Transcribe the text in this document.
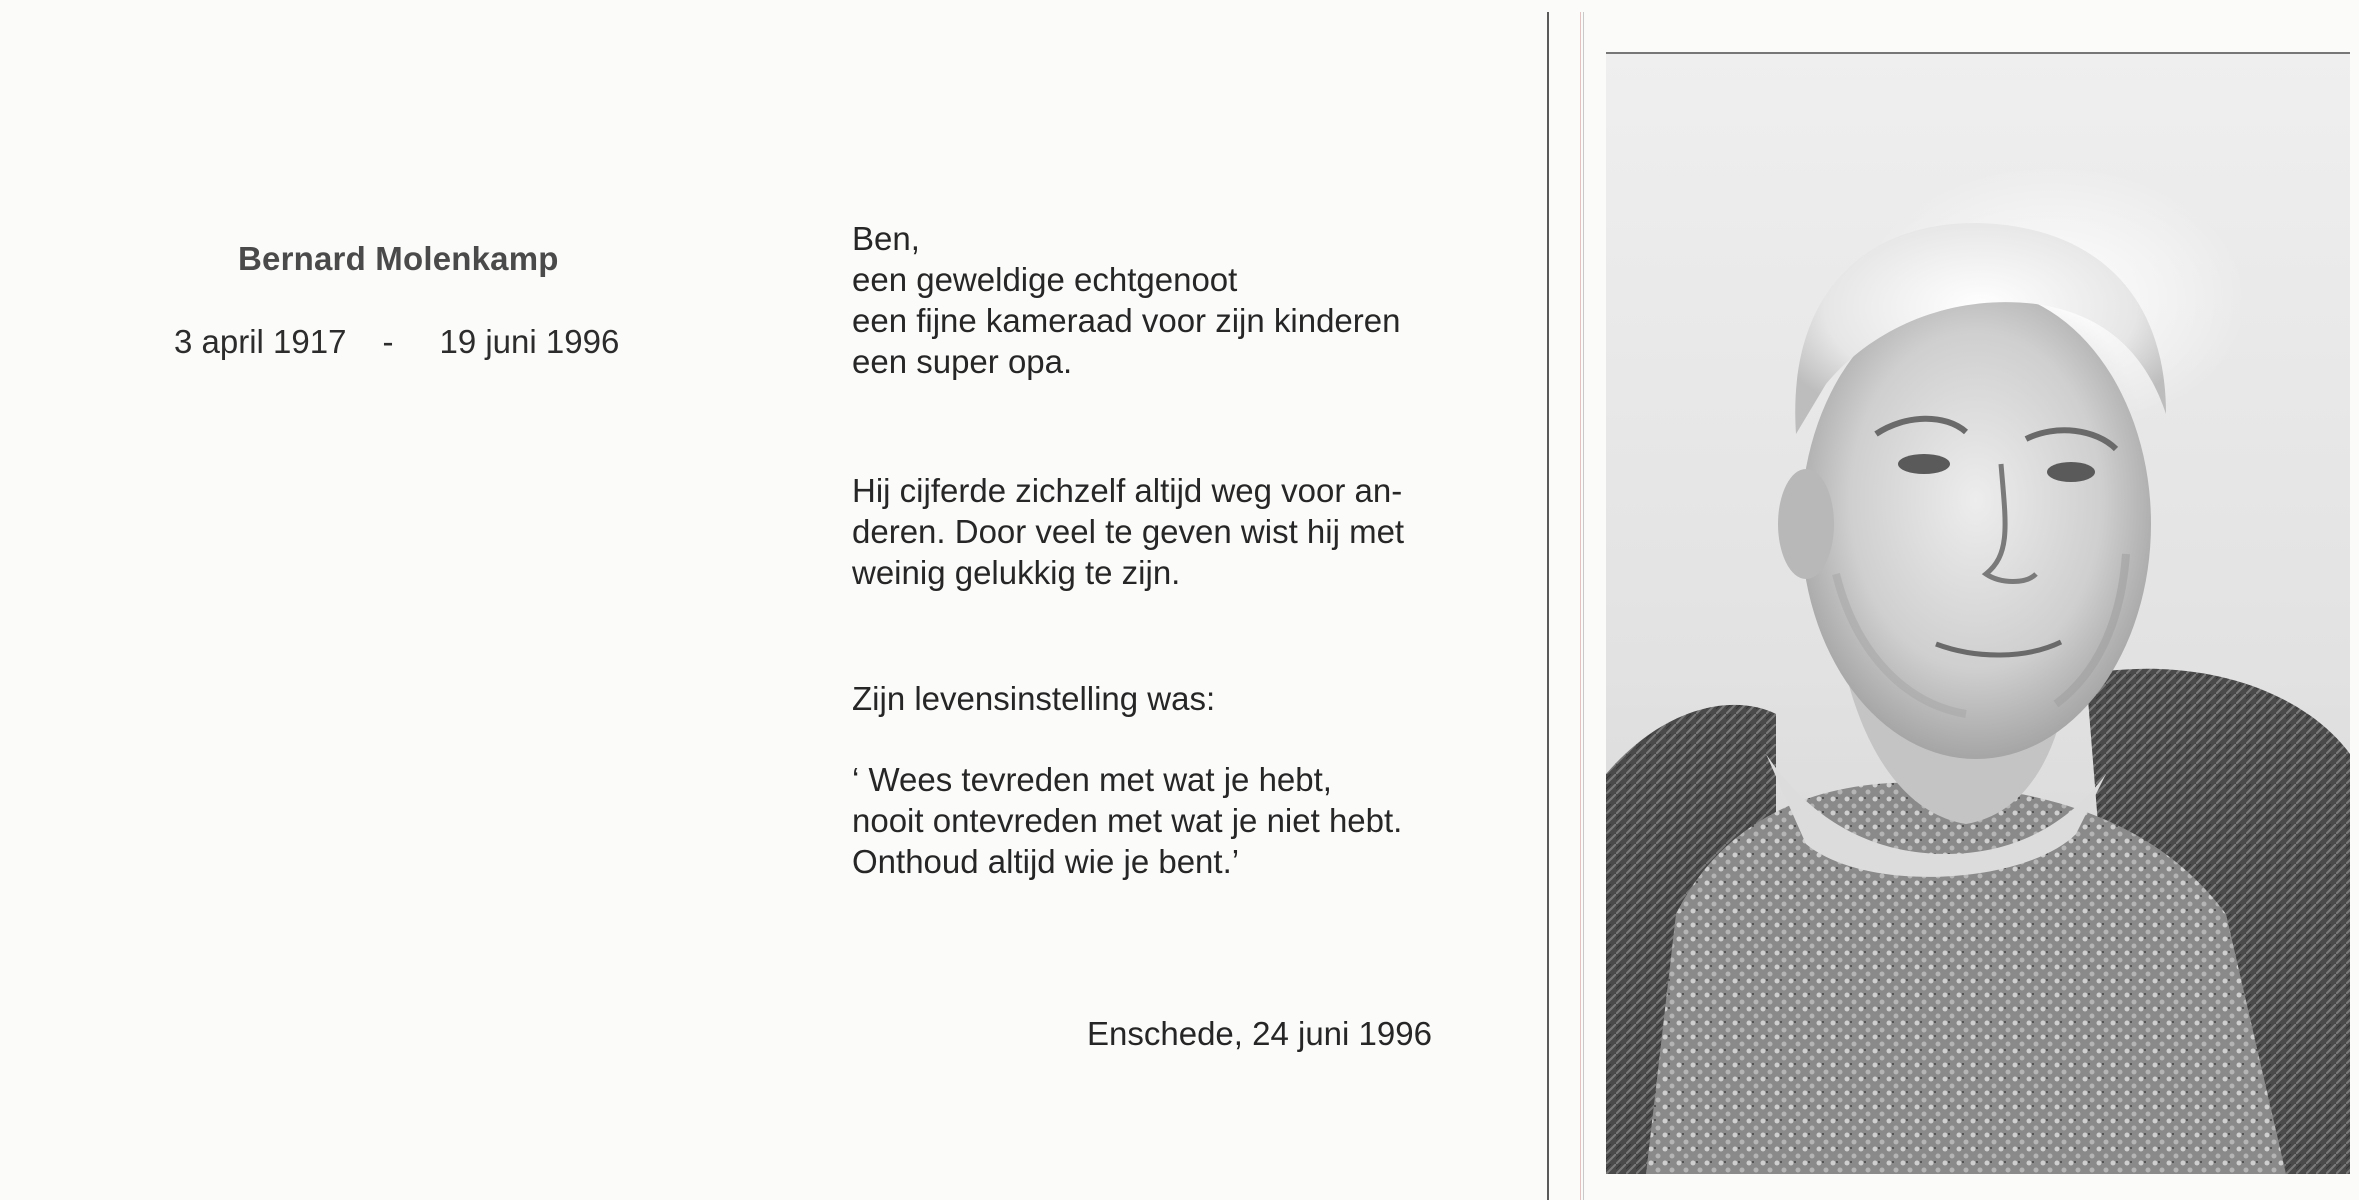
Bernard Molenkamp
3 april 1917 - 19 juni 1996
Ben,
een geweldige echtgenoot
een fijne kameraad voor zijn kinderen
een super opa.
Hij cijferde zichzelf altijd weg voor an-
deren. Door veel te geven wist hij met
weinig gelukkig te zijn.
Zijn levensinstelling was:
‘ Wees tevreden met wat je hebt,
nooit ontevreden met wat je niet hebt.
Onthoud altijd wie je bent.’
Enschede, 24 juni 1996
